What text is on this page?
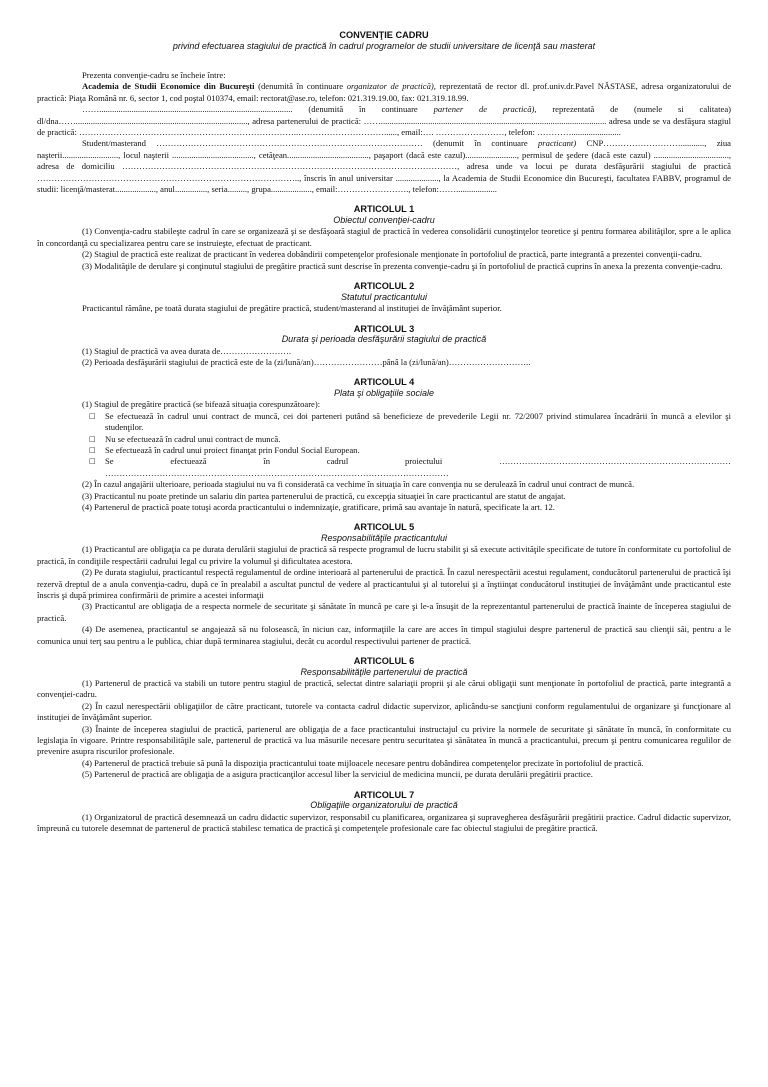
CONVENŢIE CADRU
privind efectuarea stagiului de practică în cadrul programelor de studii universitare de licenţă sau masterat

Prezenta convenţie-cadru se încheie între:

Academia de Studii Economice din Bucureşti (denumită în continuare organizator de practică), reprezentată de rector dl. prof.univ.dr.Pavel NĂSTASE, adresa organizatorului de practică: Piaţa Română nr. 6, sector 1, cod poştal 010374, email: rectorat@ase.ro, telefon: 021.319.19.00, fax: 021.319.18.99.

…….......................................................................................... (denumită în continuare partener de practică), reprezentată de (numele si calitatea) dl/dna……................................................................................, adresa partenerului de practică: ……......................................................................................................... adresa unde se va desfăşura stagiul de practică: …………………………………………………………………..…………………………......, email:…. ……………………, telefon: ………….......................

Student/masterand ………………………………………………………………………………… (denumit în continuare practicant) CNP………………………..........., ziua naşterii.........................., locul naşterii ......................................, cetăţean......................................, paşaport (dacă este cazul)........................, permisul de şedere (dacă este cazul) ..................................., adresa de domiciliu ………………………………………………………………………………………………………, adresa unde va locui pe durata desfăşurării stagiului de practică ……………………………………………………………………………….., înscris în anul universitar ...................., la Academia de Studii Economice din Bucureşti, facultatea FABBV, programul de studii: licenţă/masterat..................., anul..............., seria........., grupa..................., email:……………………., telefon:……...................

ARTICOLUL 1
Obiectul convenţiei-cadru

(1) Convenţia-cadru stabileşte cadrul în care se organizează şi se desfăşoară stagiul de practică în vederea consolidării cunoştinţelor teoretice şi pentru formarea abilităţilor, spre a le aplica în concordanţă cu specializarea pentru care se instruieşte, efectuat de practicant.

(2) Stagiul de practică este realizat de practicant în vederea dobândirii competenţelor profesionale menţionate în portofoliul de practică, parte integrantă a prezentei convenţii-cadru.

(3) Modalităţile de derulare şi conţinutul stagiului de pregătire practică sunt descrise în prezenta convenţie-cadru şi în portofoliul de practică cuprins în anexa la prezenta convenţie-cadru.

ARTICOLUL 2
Statutul practicantului

Practicantul rămâne, pe toată durata stagiului de pregătire practică, student/masterand al instituţiei de învăţământ superior.

ARTICOLUL 3
Durata şi perioada desfăşurării stagiului de practică

(1) Stagiul de practică va avea durata de…………………….

(2) Perioada desfăşurării stagiului de practică este de la (zi/lună/an)……………………pânâ la (zi/lună/an)………………………..

ARTICOLUL 4
Plata şi obligaţiile sociale

(1) Stagiul de pregătire practică (se bifează situaţia corespunzătoare):

□ Se efectuează în cadrul unui contract de muncă, cei doi parteneri putând să beneficieze de prevederile Legii nr. 72/2007 privind stimularea încadrării în muncă a elevilor şi studenţilor.
□ Nu se efectuează în cadrul unui contract de muncă.
□ Se efectuează în cadrul unui proiect finanţat prin Fondul Social European.
□ Se efectuează în cadrul proiectului ……………………………………………………………………… …………………………………………………………………………………………………………

(2) În cazul angajării ulterioare, perioada stagiului nu va fi considerată ca vechime în situaţia în care convenţia nu se derulează în cadrul unui contract de muncă.

(3) Practicantul nu poate pretinde un salariu din partea partenerului de practică, cu excepţia situaţiei în care practicantul are statut de angajat.

(4) Partenerul de practică poate totuşi acorda practicantului o indemnizaţie, gratificare, primă sau avantaje în natură, specificate la art. 12.

ARTICOLUL 5
Responsabilităţile practicantului

(1) Practicantul are obligaţia ca pe durata derulării stagiului de practică să respecte programul de lucru stabilit şi să execute activităţile specificate de tutore în conformitate cu portofoliul de practică, în condiţiile respectării cadrului legal cu privire la volumul şi dificultatea acestora.

(2) Pe durata stagiului, practicantul respectă regulamentul de ordine interioară al partenerului de practică. În cazul nerespectării acestui regulament, conducătorul partenerului de practică îşi rezervă dreptul de a anula convenţia-cadru, după ce în prealabil a ascultat punctul de vedere al practicantului şi al tutorelui şi a înştiinţat conducătorul instituţiei de învăţământ unde practicantul este înscris şi după primirea confirmării de primire a acestei informaţii

(3) Practicantul are obligaţia de a respecta normele de securitate şi sănătate în muncă pe care şi le-a însuşit de la reprezentantul partenerului de practică înainte de începerea stagiului de practică.

(4) De asemenea, practicantul se angajează să nu folosească, în niciun caz, informaţiile la care are acces în timpul stagiului despre partenerul de practică sau clienţii săi, pentru a le comunica unui terţ sau pentru a le publica, chiar după terminarea stagiului, decât cu acordul respectivului partener de practică.

ARTICOLUL 6
Responsabilităţile partenerului de practică

(1) Partenerul de practică va stabili un tutore pentru stagiul de practică, selectat dintre salariaţii proprii şi ale cărui obligaţii sunt menţionate în portofoliul de practică, parte integrantă a convenţiei-cadru.

(2) În cazul nerespectării obligaţiilor de către practicant, tutorele va contacta cadrul didactic supervizor, aplicându-se sancţiuni conform regulamentului de organizare şi funcţionare al instituţiei de învăţământ superior.

(3) Înainte de începerea stagiului de practică, partenerul are obligaţia de a face practicantului instructajul cu privire la normele de securitate şi sănătate în muncă, în conformitate cu legislaţia în vigoare. Printre responsabilităţile sale, partenerul de practică va lua măsurile necesare pentru securitatea şi sănătatea în muncă a practicantului, precum şi pentru comunicarea regulilor de prevenire asupra riscurilor profesionale.

(4) Partenerul de practică trebuie să pună la dispoziţia practicantului toate mijloacele necesare pentru dobândirea competenţelor precizate în portofoliul de practică.

(5) Partenerul de practică are obligaţia de a asigura practicanţilor accesul liber la serviciul de medicina muncii, pe durata derulării pregătirii practice.

ARTICOLUL 7
Obligaţiile organizatorului de practică

(1) Organizatorul de practică desemnează un cadru didactic supervizor, responsabil cu planificarea, organizarea şi supravegherea desfăşurării pregătirii practice. Cadrul didactic supervizor, împreună cu tutorele desemnat de partenerul de practică stabilesc tematica de practică şi competenţele profesionale care fac obiectul stagiului de pregătire practică.
